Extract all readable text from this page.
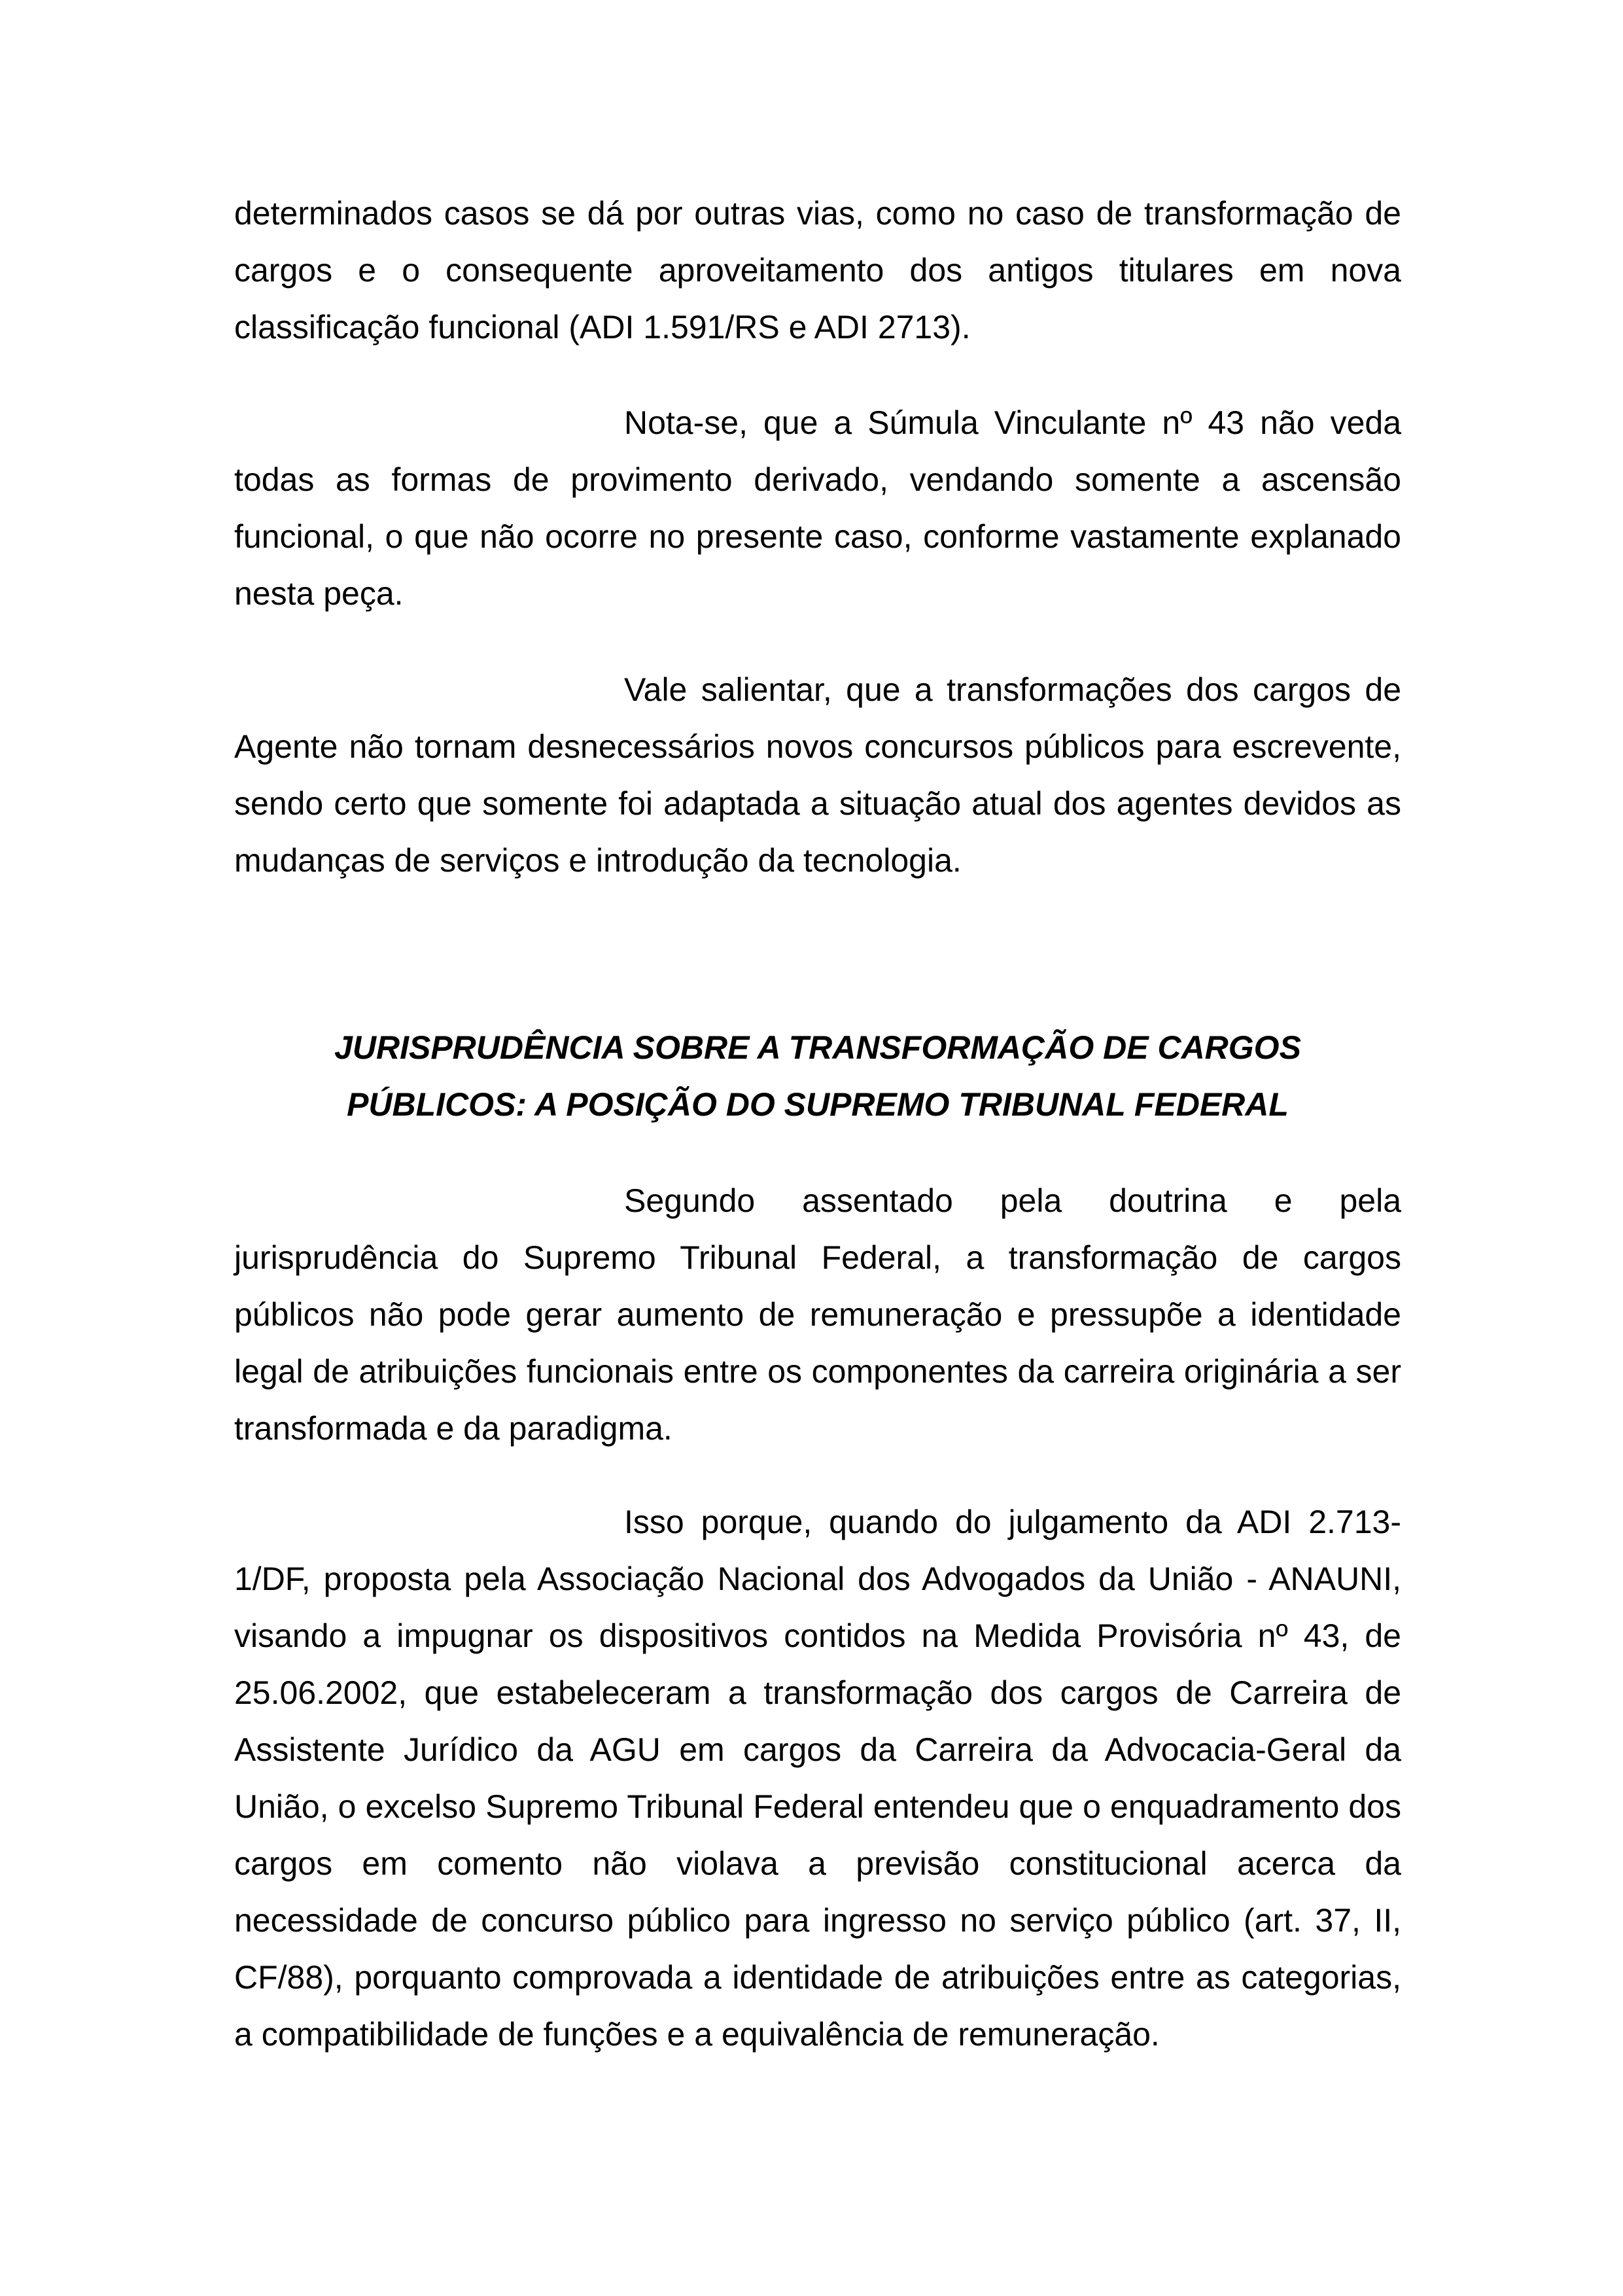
determinados casos se dá por outras vias, como no caso de transformação de cargos e o consequente aproveitamento dos antigos titulares em nova classificação funcional (ADI 1.591/RS e ADI 2713).

Nota-se, que a Súmula Vinculante nº 43 não veda todas as formas de provimento derivado, vendando somente a ascensão funcional, o que não ocorre no presente caso, conforme vastamente explanado nesta peça.

Vale salientar, que a transformações dos cargos de Agente não tornam desnecessários novos concursos públicos para escrevente, sendo certo que somente foi adaptada a situação atual dos agentes devidos as mudanças de serviços e introdução da tecnologia.

JURISPRUDÊNCIA SOBRE A TRANSFORMAÇÃO DE CARGOS
PÚBLICOS: A POSIÇÃO DO SUPREMO TRIBUNAL FEDERAL

Segundo assentado pela doutrina e pela jurisprudência do Supremo Tribunal Federal, a transformação de cargos públicos não pode gerar aumento de remuneração e pressupõe a identidade legal de atribuições funcionais entre os componentes da carreira originária a ser transformada e da paradigma.

Isso porque, quando do julgamento da ADI 2.713-1/DF, proposta pela Associação Nacional dos Advogados da União - ANAUNI, visando a impugnar os dispositivos contidos na Medida Provisória nº 43, de 25.06.2002, que estabeleceram a transformação dos cargos de Carreira de Assistente Jurídico da AGU em cargos da Carreira da Advocacia-Geral da União, o excelso Supremo Tribunal Federal entendeu que o enquadramento dos cargos em comento não violava a previsão constitucional acerca da necessidade de concurso público para ingresso no serviço público (art. 37, II, CF/88), porquanto comprovada a identidade de atribuições entre as categorias, a compatibilidade de funções e a equivalência de remuneração.
